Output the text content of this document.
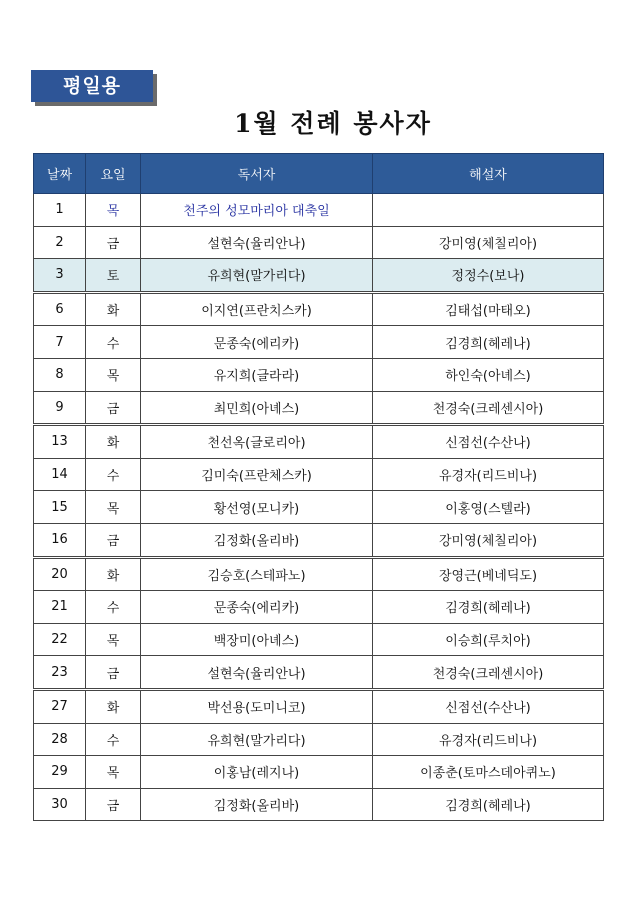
평일용
1월 전례 봉사자
날짜	요일	독서자	해설자
1	목	천주의 성모마리아 대축일	
2	금	설현숙(율리안나)	강미영(체칠리아)
3	토	유희현(말가리다)	정정수(보나)
6	화	이지연(프란치스카)	김태섭(마태오)
7	수	문종숙(에리카)	김경희(헤레나)
8	목	유지희(글라라)	하인숙(아녜스)
9	금	최민희(아녜스)	천경숙(크레센시아)
13	화	천선옥(글로리아)	신점선(수산나)
14	수	김미숙(프란체스카)	유경자(리드비나)
15	목	황선영(모니카)	이홍영(스텔라)
16	금	김정화(올리바)	강미영(체칠리아)
20	화	김승호(스테파노)	장영근(베네딕도)
21	수	문종숙(에리카)	김경희(헤레나)
22	목	백장미(아녜스)	이승희(루치아)
23	금	설현숙(율리안나)	천경숙(크레센시아)
27	화	박선용(도미니코)	신점선(수산나)
28	수	유희현(말가리다)	유경자(리드비나)
29	목	이홍남(레지나)	이종춘(토마스데아퀴노)
30	금	김정화(올리바)	김경희(헤레나)
